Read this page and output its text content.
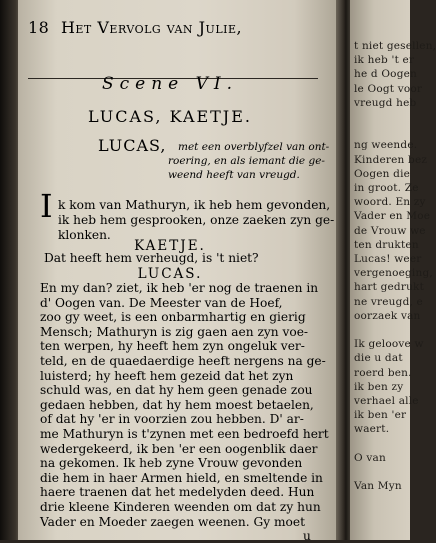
18 Het Vervolg van Julie,
Scene VI.
LUCAS, KAETJE.
LUCAS, met een overblyfzel van ont-
roering, en als iemant die ge-
weend heeft van vreugd.
I k kom van Mathuryn, ik heb hem gevonden,
ik heb hem gesprooken, onze zaeken zyn ge-
klonken.
KAETJE.
Dat heeft hem verheugd, is 't niet?
LUCAS.
En my dan? ziet, ik heb 'er nog de traenen in
d' Oogen van. De Meester van de Hoef,
zoo gy weet, is een onbarmhartig en gierig
Mensch; Mathuryn is zig gaen aen zyn voe-
ten werpen, hy heeft hem zyn ongeluk ver-
teld, en de quaedaerdige heeft nergens na ge-
luisterd; hy heeft hem gezeid dat het zyn
schuld was, en dat hy hem geen genade zou
gedaen hebben, dat hy hem moest betaelen,
of dat hy 'er in voorzien zou hebben. D' ar-
me Mathuryn is t'zynen met een bedroefd hert
wedergekeerd, ik ben 'er een oogenblik daer
na gekomen. Ik heb zyne Vrouw gevonden
die hem in haer Armen hield, en smeltende in
haere traenen dat het medelyden deed. Hun
drie kleene Kinderen weenden om dat zy hun
Vader en Moeder zaegen weenen. Gy moet
u
t niet gesellen,
ik heb 't er
he d Oogen
le Oogt voor
vreugd heb
ng weende.
Kinderen bez
Oogen die
in groot. Ze
woord. En zy
Vader en Moe
de Vrouw we
ten drukten
Lucas! weer
vergenoeging,
hart gedrukt
ne vreugd, e
oorzaek van
Ik geloove w
die u dat
roerd ben.
ik ben zy
verhael alle
ik ben 'er
waert.
O van
Van Myn
